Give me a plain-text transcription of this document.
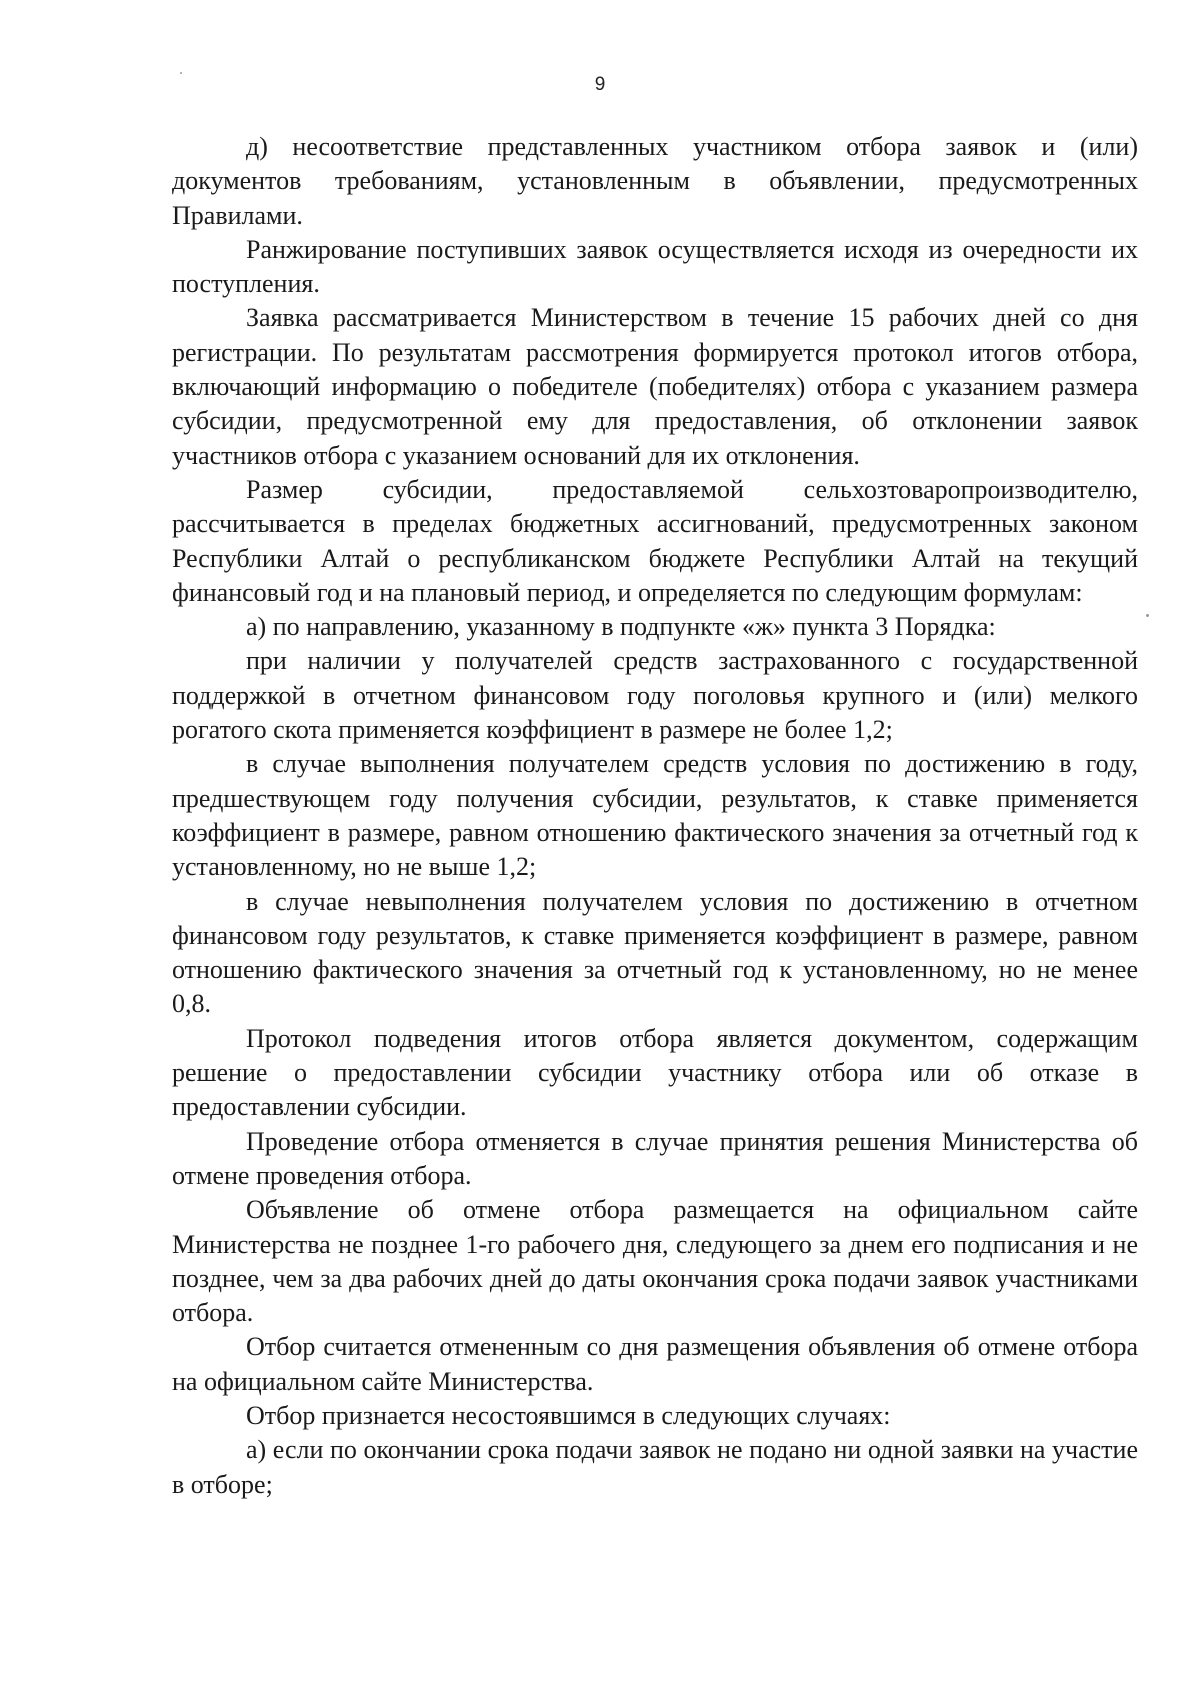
9

д) несоответствие представленных участником отбора заявок и (или) документов требованиям, установленным в объявлении, предусмотренных Правилами.

Ранжирование поступивших заявок осуществляется исходя из очередности их поступления.

Заявка рассматривается Министерством в течение 15 рабочих дней со дня регистрации. По результатам рассмотрения формируется протокол итогов отбора, включающий информацию о победителе (победителях) отбора с указанием размера субсидии, предусмотренной ему для предоставления, об отклонении заявок участников отбора с указанием оснований для их отклонения.

Размер субсидии, предоставляемой сельхозтоваропроизводителю, рассчитывается в пределах бюджетных ассигнований, предусмотренных законом Республики Алтай о республиканском бюджете Республики Алтай на текущий финансовый год и на плановый период, и определяется по следующим формулам:

а) по направлению, указанному в подпункте «ж» пункта 3 Порядка:

при наличии у получателей средств застрахованного с государственной поддержкой в отчетном финансовом году поголовья крупного и (или) мелкого рогатого скота применяется коэффициент в размере не более 1,2;

в случае выполнения получателем средств условия по достижению в году, предшествующем году получения субсидии, результатов, к ставке применяется коэффициент в размере, равном отношению фактического значения за отчетный год к установленному, но не выше 1,2;

в случае невыполнения получателем условия по достижению в отчетном финансовом году результатов, к ставке применяется коэффициент в размере, равном отношению фактического значения за отчетный год к установленному, но не менее 0,8.

Протокол подведения итогов отбора является документом, содержащим решение о предоставлении субсидии участнику отбора или об отказе в предоставлении субсидии.

Проведение отбора отменяется в случае принятия решения Министерства об отмене проведения отбора.

Объявление об отмене отбора размещается на официальном сайте Министерства не позднее 1-го рабочего дня, следующего за днем его подписания и не позднее, чем за два рабочих дней до даты окончания срока подачи заявок участниками отбора.

Отбор считается отмененным со дня размещения объявления об отмене отбора на официальном сайте Министерства.

Отбор признается несостоявшимся в следующих случаях:

а) если по окончании срока подачи заявок не подано ни одной заявки на участие в отборе;
